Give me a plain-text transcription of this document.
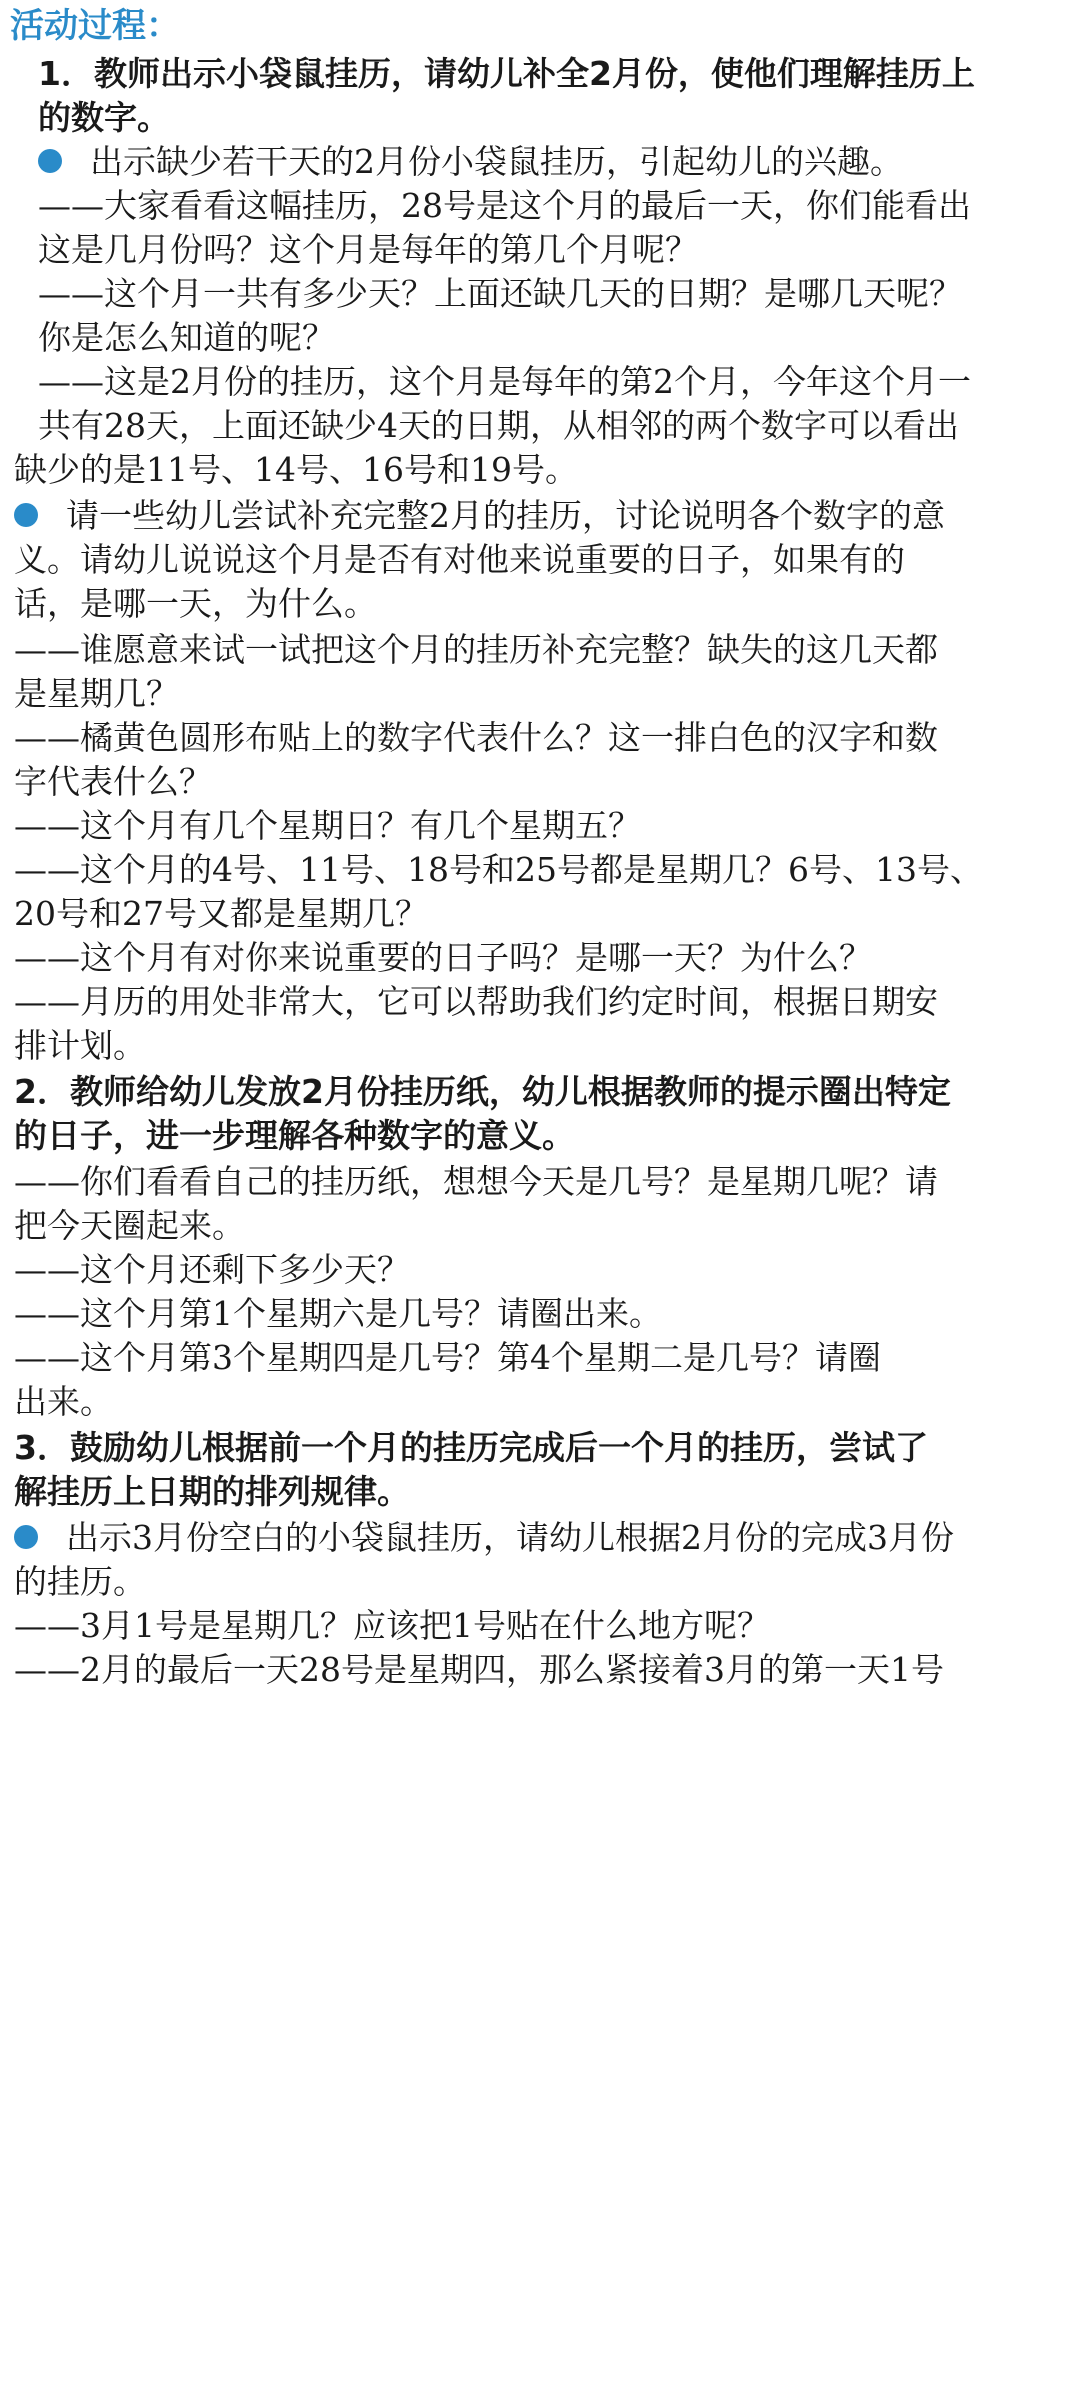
活动过程：
1．教师出示小袋鼠挂历，请幼儿补全2月份，使他们理解挂历上
的数字。
出示缺少若干天的2月份小袋鼠挂历，引起幼儿的兴趣。
——大家看看这幅挂历，28号是这个月的最后一天，你们能看出
这是几月份吗？这个月是每年的第几个月呢？
——这个月一共有多少天？上面还缺几天的日期？是哪几天呢？
你是怎么知道的呢？
——这是2月份的挂历，这个月是每年的第2个月，今年这个月一
共有28天，上面还缺少4天的日期，从相邻的两个数字可以看出
缺少的是11号、14号、16号和19号。
请一些幼儿尝试补充完整2月的挂历，讨论说明各个数字的意
义。请幼儿说说这个月是否有对他来说重要的日子，如果有的
话，是哪一天，为什么。
——谁愿意来试一试把这个月的挂历补充完整？缺失的这几天都
是星期几？
——橘黄色圆形布贴上的数字代表什么？这一排白色的汉字和数
字代表什么？
——这个月有几个星期日？有几个星期五？
——这个月的4号、11号、18号和25号都是星期几？6号、13号、
20号和27号又都是星期几？
——这个月有对你来说重要的日子吗？是哪一天？为什么？
——月历的用处非常大，它可以帮助我们约定时间，根据日期安
排计划。
2．教师给幼儿发放2月份挂历纸，幼儿根据教师的提示圈出特定
的日子，进一步理解各种数字的意义。
——你们看看自己的挂历纸，想想今天是几号？是星期几呢？请
把今天圈起来。
——这个月还剩下多少天？
——这个月第1个星期六是几号？请圈出来。
——这个月第3个星期四是几号？第4个星期二是几号？请圈
出来。
3．鼓励幼儿根据前一个月的挂历完成后一个月的挂历，尝试了
解挂历上日期的排列规律。
出示3月份空白的小袋鼠挂历，请幼儿根据2月份的完成3月份
的挂历。
——3月1号是星期几？应该把1号贴在什么地方呢？
——2月的最后一天28号是星期四，那么紧接着3月的第一天1号
